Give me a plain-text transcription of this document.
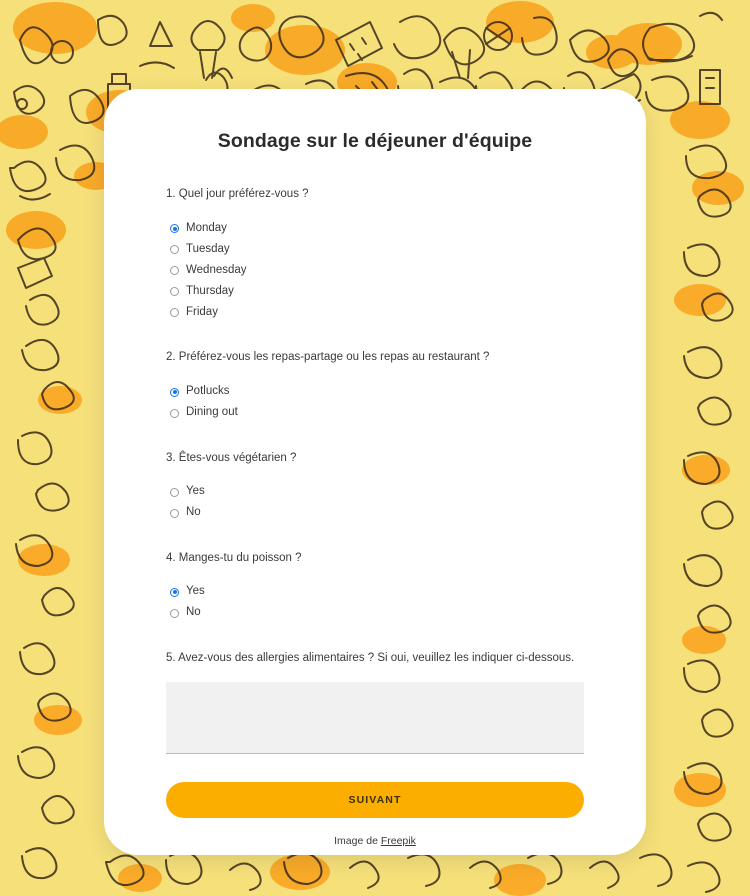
Sondage sur le déjeuner d'équipe
1. Quel jour préférez-vous ?
Monday
Tuesday
Wednesday
Thursday
Friday
2. Préférez-vous les repas-partage ou les repas au restaurant ?
Potlucks
Dining out
3. Êtes-vous végétarien ?
Yes
No
4. Manges-tu du poisson ?
Yes
No
5. Avez-vous des allergies alimentaires ? Si oui, veuillez les indiquer ci-dessous.
SUIVANT
Image de Freepik
